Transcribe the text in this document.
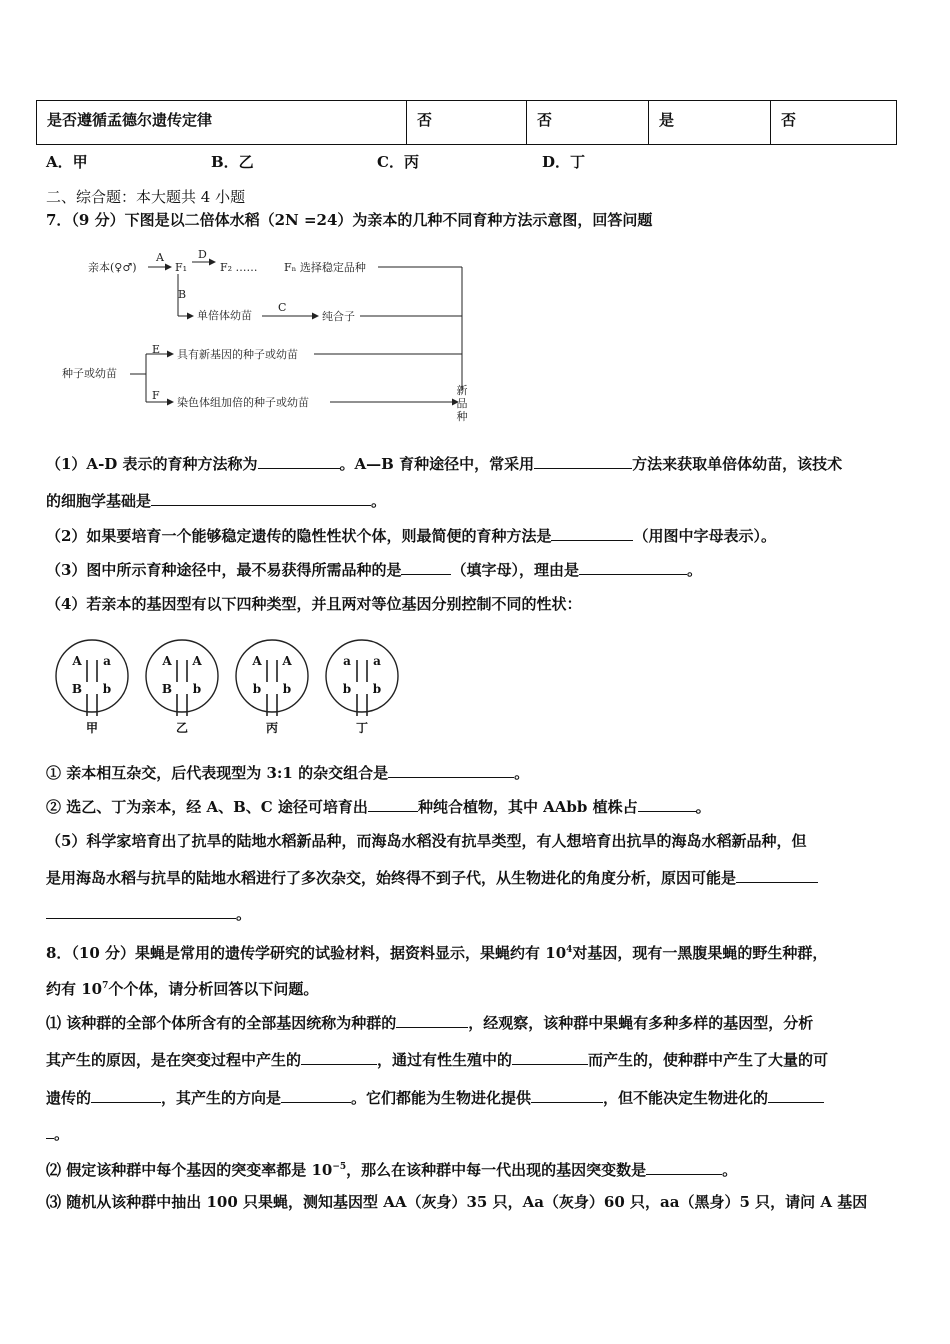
是否遵循孟德尔遗传定律	否	否	是	否
A．甲	B．乙	C．丙	D．丁
二、综合题：本大题共 4 小题
7．（9 分）下图是以二倍体水稻（2N =24）为亲本的几种不同育种方法示意图，回答问题
亲本(♀♂)
A
F₁
D
F₂ …… Fₙ 选择稳定品种
B
单倍体幼苗
C
纯合子
种子或幼苗
E 具有新基因的种子或幼苗
F
染色体组加倍的种子或幼苗
新品种
（1）A-D 表示的育种方法称为	。A—B 育种途径中，常采用	方法来获取单倍体幼苗，该技术
的细胞学基础是	。
（2）如果要培育一个能够稳定遗传的隐性性状个体，则最简便的育种方法是	（用图中字母表示）。
（3）图中所示育种途径中，最不易获得所需品种的是	（填字母），理由是	。
（4）若亲本的基因型有以下四种类型，并且两对等位基因分别控制不同的性状：
A a
B b
甲
A A
B b
乙
A A
b b
丙
a a
b b
丁
① 亲本相互杂交，后代表现型为 3:1 的杂交组合是	。
② 选乙、丁为亲本，经 A、B、C 途径可培育出	种纯合植物，其中 AAbb 植株占	。
（5）科学家培育出了抗旱的陆地水稻新品种，而海岛水稻没有抗旱类型，有人想培育出抗旱的海岛水稻新品种，但
是用海岛水稻与抗旱的陆地水稻进行了多次杂交，始终得不到子代，从生物进化的角度分析，原因可能是
。
8．（10 分）果蝇是常用的遗传学研究的试验材料，据资料显示，果蝇约有 $10^4$对基因，现有一黑腹果蝇的野生种群，
约有 $10^7$个个体，请分析回答以下问题。
⑴ 该种群的全部个体所含有的全部基因统称为种群的	，经观察，该种群中果蝇有多种多样的基因型，分析
其产生的原因，是在突变过程中产生的	，通过有性生殖中的	而产生的，使种群中产生了大量的可
遗传的	，其产生的方向是	。它们都能为生物进化提供	，但不能决定生物进化的
。
⑵ 假定该种群中每个基因的突变率都是 $10^{-5}$，那么在该种群中每一代出现的基因突变数是	。
⑶ 随机从该种群中抽出 100 只果蝇，测知基因型 AA（灰身）35 只，Aa（灰身）60 只，aa（黑身）5 只，请问 A 基因
